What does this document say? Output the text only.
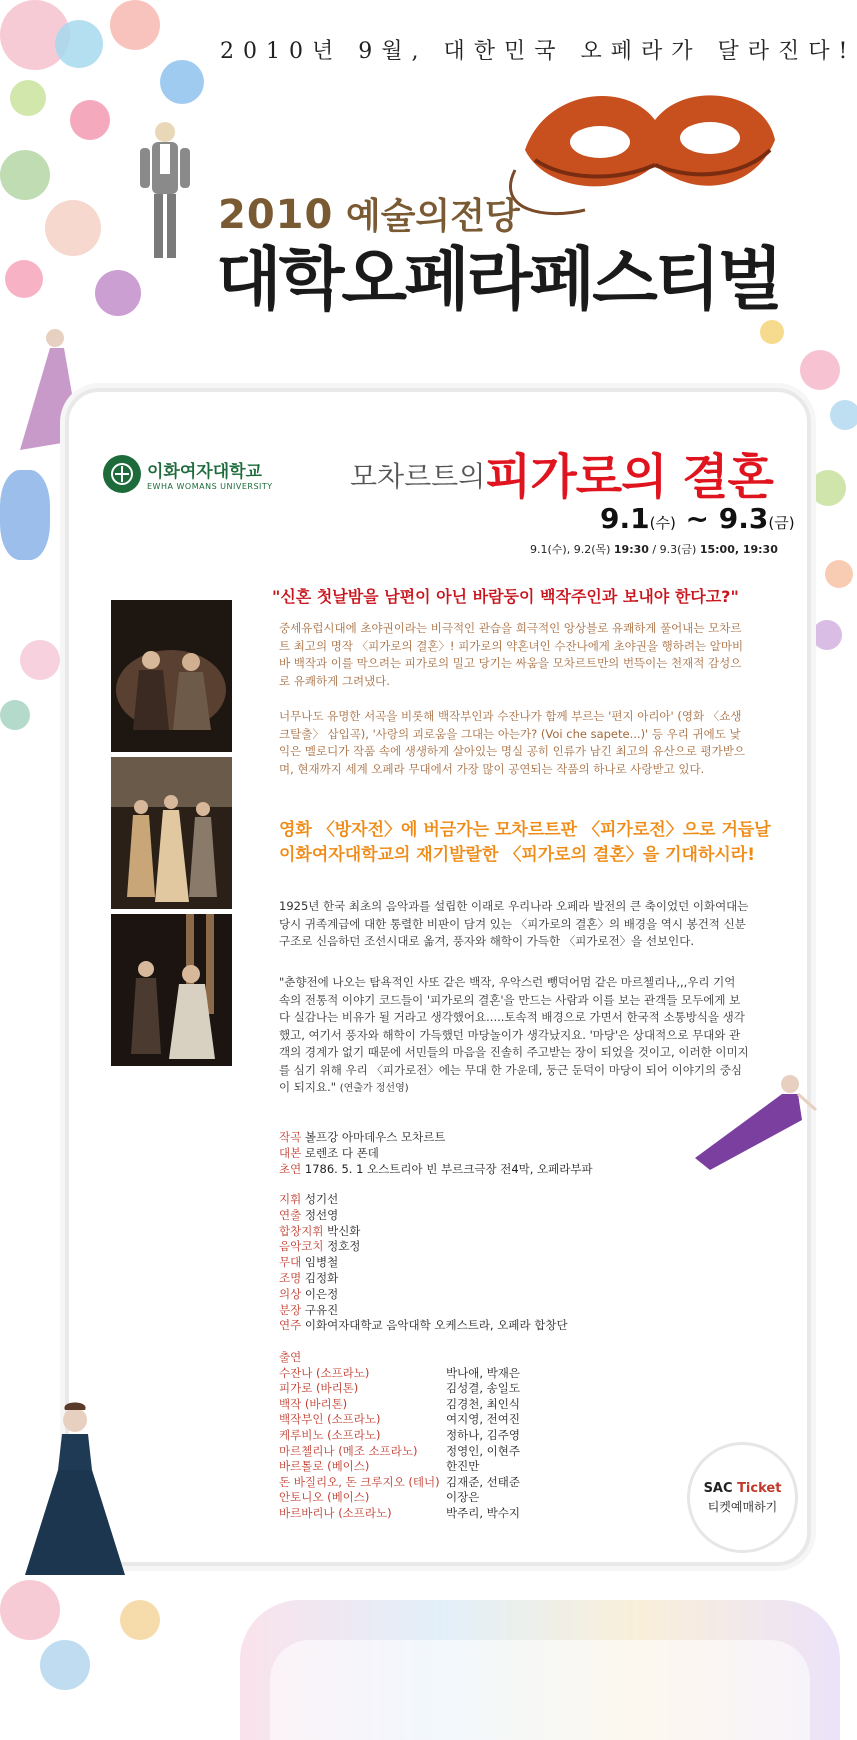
2010년 9월, 대한민국 오페라가 달라진다!
2010 예술의전당
대학오페라페스티벌
이화여자대학교
EWHA WOMANS UNIVERSITY	모차르트의 피가로의 결혼
9.1(수) ~ 9.3(금)
9.1(수), 9.2(목) 19:30 / 9.3(금) 15:00, 19:30
"신혼 첫날밤을 남편이 아닌 바람둥이 백작주인과 보내야 한다고?"
중세유럽시대에 초야권이라는 비극적인 관습을 희극적인 앙상블로 유쾌하게 풀어내는 모차르트 최고의 명작 〈피가로의 결혼〉! 피가로의 약혼녀인 수잔나에게 초야권을 행하려는 알마비바 백작과 이를 막으려는 피가로의 밀고 당기는 싸움을 모차르트만의 번뜩이는 천재적 감성으로 유쾌하게 그려냈다.
너무나도 유명한 서곡을 비롯해 백작부인과 수잔나가 함께 부르는 '편지 아리아' (영화 〈쇼생크탈출〉 삽입곡), '사랑의 괴로움을 그대는 아는가? (Voi che sapete...)' 등 우리 귀에도 낯익은 멜로디가 작품 속에 생생하게 살아있는 명실 공히 인류가 남긴 최고의 유산으로 평가받으며, 현재까지 세계 오페라 무대에서 가장 많이 공연되는 작품의 하나로 사랑받고 있다.
영화 〈방자전〉에 버금가는 모차르트판 〈피가로전〉으로 거듭날
이화여자대학교의 재기발랄한 〈피가로의 결혼〉을 기대하시라!
1925년 한국 최초의 음악과를 설립한 이래로 우리나라 오페라 발전의 큰 축이었던 이화여대는 당시 귀족계급에 대한 통렬한 비판이 담겨 있는 〈피가로의 결혼〉의 배경을 역시 봉건적 신분구조로 신음하던 조선시대로 옮겨, 풍자와 해학이 가득한 〈피가로전〉을 선보인다.
"춘향전에 나오는 탐욕적인 사또 같은 백작, 우악스런 뺑덕어멈 같은 마르첼리나,,,우리 기억 속의 전통적 이야기 코드들이 '피가로의 결혼'을 만드는 사람과 이를 보는 관객들 모두에게 보다 실감나는 비유가 될 거라고 생각했어요.....토속적 배경으로 가면서 한국적 소통방식을 생각했고, 여기서 풍자와 해학이 가득했던 마당놀이가 생각났지요. '마당'은 상대적으로 무대와 관객의 경계가 없기 때문에 서민들의 마음을 진솔히 주고받는 장이 되었을 것이고, 이러한 이미지를 심기 위해 우리 〈피가로전〉에는 무대 한 가운데, 둥근 둔덕이 마당이 되어 이야기의 중심이 되지요." (연출가 정선영)
작곡 볼프강 아마데우스 모차르트
대본 로렌조 다 폰데
초연 1786. 5. 1 오스트리아 빈 부르크극장 전4막, 오페라부파
지휘 성기선
연출 정선영
합창지휘 박신화
음악코치 정호정
무대 임병철
조명 김정화
의상 이은정
분장 구유진
연주 이화여자대학교 음악대학 오케스트라, 오페라 합창단
출연
수잔나 (소프라노)	박나애, 박재은
피가로 (바리톤)	김성결, 송일도
백작 (바리톤)	김경천, 최인식
백작부인 (소프라노)	여지영, 전여진
케루비노 (소프라노)	정하나, 김주영
마르첼리나 (메조 소프라노)	정영인, 이현주
바르톨로 (베이스)	한진만
돈 바질리오, 돈 크루지오 (테너) 김재준, 선태준
안토니오 (베이스)	이장은
바르바리나 (소프라노)	박주리, 박수지
SAC Ticket
티켓예매하기
